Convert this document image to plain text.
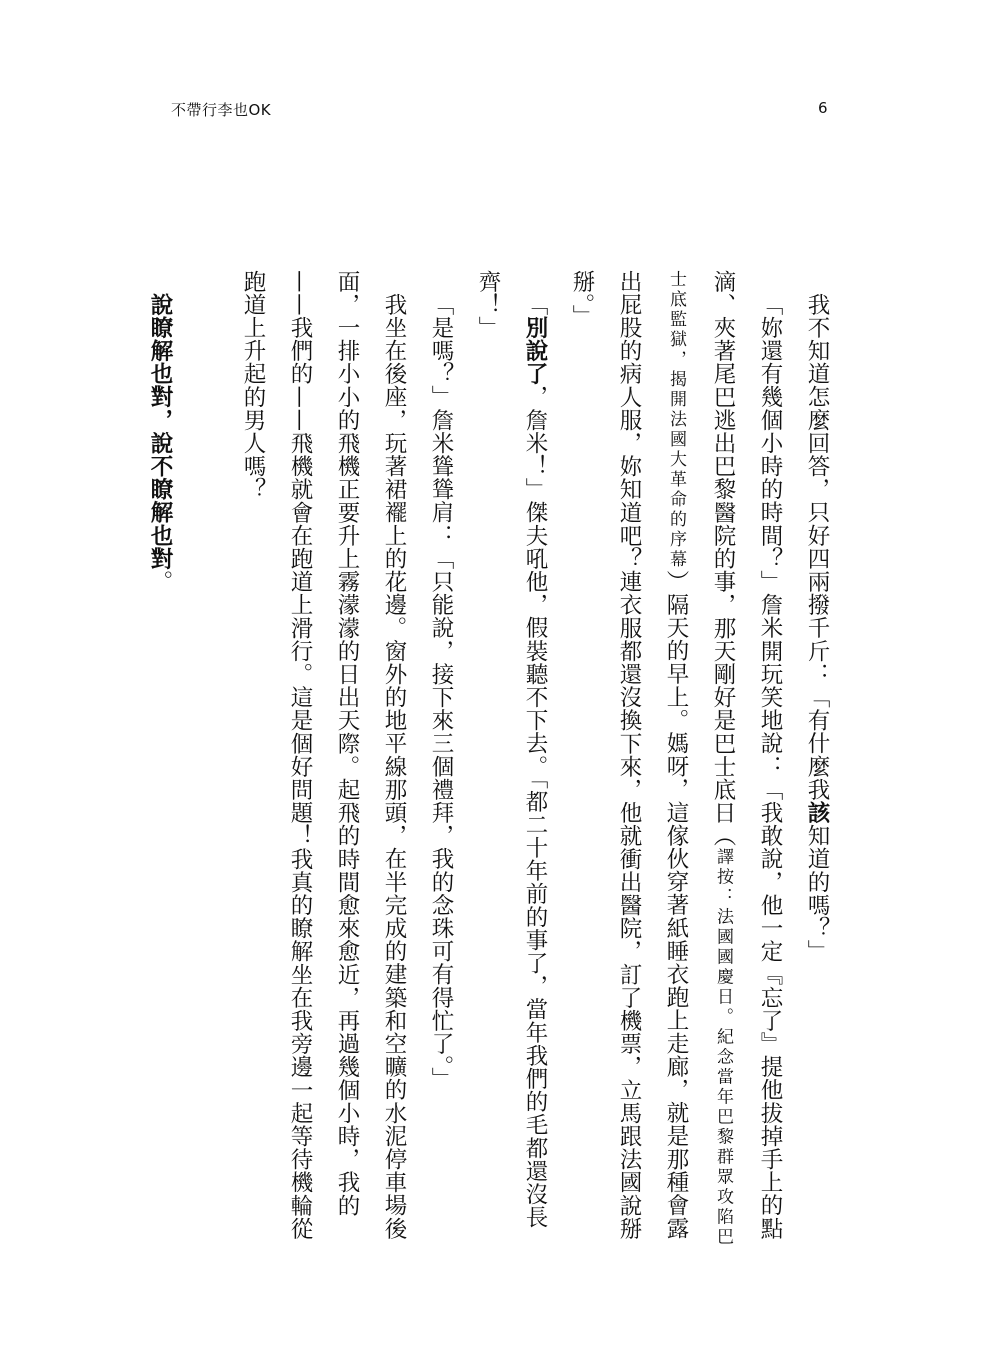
不帶行李也OK	6

我不知道怎麼回答，只好四兩撥千斤：「有什麼我該知道的嗎？」

「妳還有幾個小時的時間？」詹米開玩笑地說：「我敢說，他一定『忘了』提他拔掉手上的點滴、夾著尾巴逃出巴黎醫院的事，那天剛好是巴士底日（譯按：法國國慶日。紀念當年巴黎群眾攻陷巴士底監獄，揭開法國大革命的序幕）隔天的早上。媽呀，這傢伙穿著紙睡衣跑上走廊，就是那種會露出屁股的病人服，妳知道吧？連衣服都還沒換下來，他就衝出醫院，訂了機票，立馬跟法國說掰掰。」

「別說了，詹米！」傑夫吼他，假裝聽不下去。「都二十年前的事了，當年我們的毛都還沒長齊！」

「是嗎？」詹米聳聳肩：「只能說，接下來三個禮拜，我的念珠可有得忙了。」

我坐在後座，玩著裙襬上的花邊。窗外的地平線那頭，在半完成的建築和空曠的水泥停車場後面，一排小小的飛機正要升上霧濛濛的日出天際。起飛的時間愈來愈近，再過幾個小時，我的——我們的——飛機就會在跑道上滑行。這是個好問題！我真的瞭解坐在我旁邊一起等待機輪從跑道上升起的男人嗎？

說瞭解也對，說不瞭解也對。
